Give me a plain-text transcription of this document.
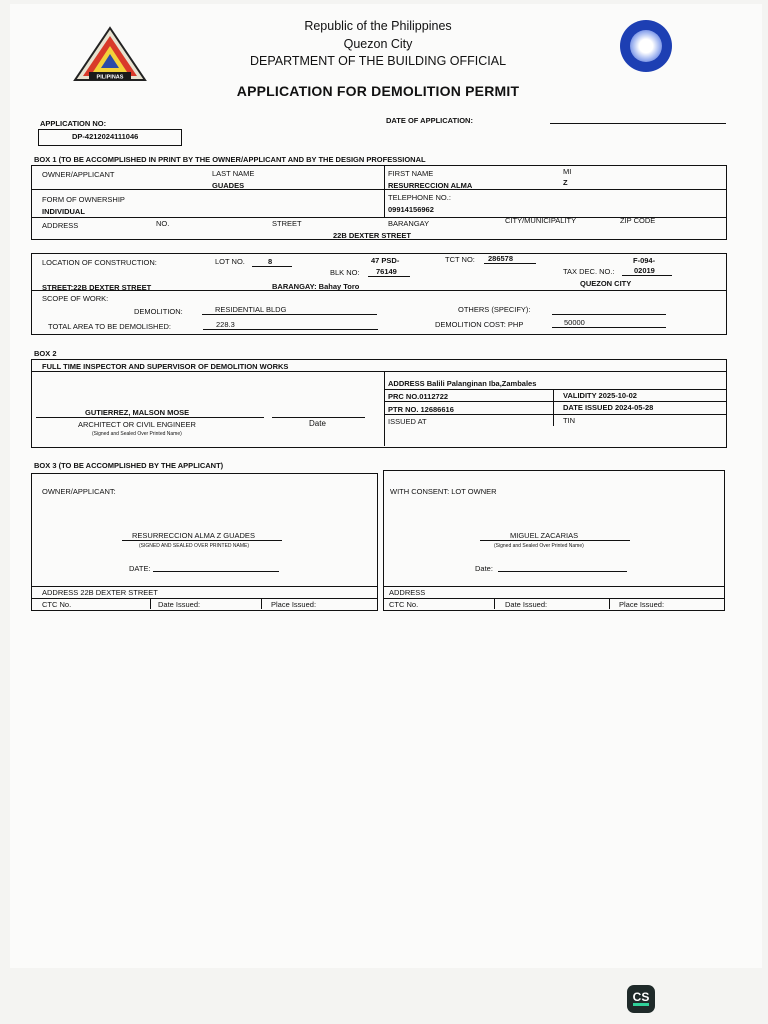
PILIPINAS
Republic of the Philippines
Quezon City
DEPARTMENT OF THE BUILDING OFFICIAL
APPLICATION FOR DEMOLITION PERMIT
APPLICATION NO:
DP-4212024111046
DATE OF APPLICATION:
BOX 1 (TO BE ACCOMPLISHED IN PRINT BY THE OWNER/APPLICANT AND BY THE DESIGN PROFESSIONAL
OWNER/APPLICANT	LAST NAME
GUADES
FIRST NAME
RESURRECCION ALMA
MI
Z
FORM OF OWNERSHIP
INDIVIDUAL
TELEPHONE NO.:
09914156962
ADDRESS	NO.	STREET	BARANGAY	CITY/MUNICIPALITY	ZIP CODE
22B DEXTER STREET
LOCATION OF CONSTRUCTION:	LOT NO.	8	47 PSD-
BLK NO:	76149
TCT NO:	286578	F-094-
TAX DEC. NO.:	02019
STREET:22B DEXTER STREET	BARANGAY: Bahay Toro	QUEZON CITY
SCOPE OF WORK:
DEMOLITION:	RESIDENTIAL BLDG	OTHERS (SPECIFY):
TOTAL AREA TO BE DEMOLISHED:	228.3	DEMOLITION COST: PHP	50000
BOX 2
FULL TIME INSPECTOR AND SUPERVISOR OF DEMOLITION WORKS
GUTIERREZ, MALSON MOSE
ARCHITECT OR CIVIL ENGINEER	Date
(Signed and Sealed Over Printed Name)
ADDRESS Balili Palanginan Iba,Zambales
PRC NO.0112722	VALIDITY 2025-10-02
PTR NO. 12686616	DATE ISSUED 2024-05-28
ISSUED AT	TIN
BOX 3 (TO BE ACCOMPLISHED BY THE APPLICANT)
OWNER/APPLICANT:
RESURRECCION ALMA Z GUADES
(SIGNED AND SEALED OVER PRINTED NAME)
DATE:
ADDRESS 22B DEXTER STREET
CTC No.	Date Issued:	Place Issued:
WITH CONSENT: LOT OWNER
MIGUEL ZACARIAS
(Signed and Sealed Over Printed Name)
Date:
ADDRESS
CTC No.	Date Issued:	Place Issued:
CS
